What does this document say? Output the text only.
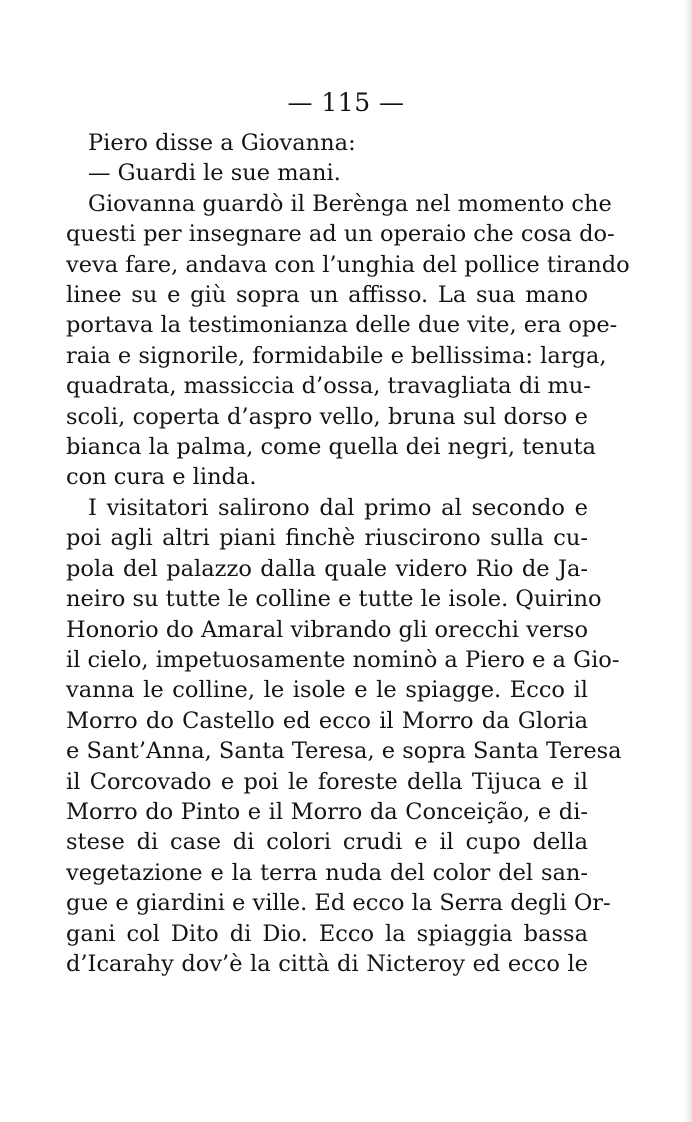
— 115 —
Piero disse a Giovanna:
— Guardi le sue mani.
Giovanna guardò il Berènga nel momento che
questi per insegnare ad un operaio che cosa do-
veva fare, andava con l’unghia del pollice tirando
linee su e giù sopra un affisso. La sua mano
portava la testimonianza delle due vite, era ope-
raia e signorile, formidabile e bellissima: larga,
quadrata, massiccia d’ossa, travagliata di mu-
scoli, coperta d’aspro vello, bruna sul dorso e
bianca la palma, come quella dei negri, tenuta
con cura e linda.
I visitatori salirono dal primo al secondo e
poi agli altri piani finchè riuscirono sulla cu-
pola del palazzo dalla quale videro Rio de Ja-
neiro su tutte le colline e tutte le isole. Quirino
Honorio do Amaral vibrando gli orecchi verso
il cielo, impetuosamente nominò a Piero e a Gio-
vanna le colline, le isole e le spiagge. Ecco il
Morro do Castello ed ecco il Morro da Gloria
e Sant’Anna, Santa Teresa, e sopra Santa Teresa
il Corcovado e poi le foreste della Tijuca e il
Morro do Pinto e il Morro da Conceição, e di-
stese di case di colori crudi e il cupo della
vegetazione e la terra nuda del color del san-
gue e giardini e ville. Ed ecco la Serra degli Or-
gani col Dito di Dio. Ecco la spiaggia bassa
d’Icarahy dov’è la città di Nicteroy ed ecco le
